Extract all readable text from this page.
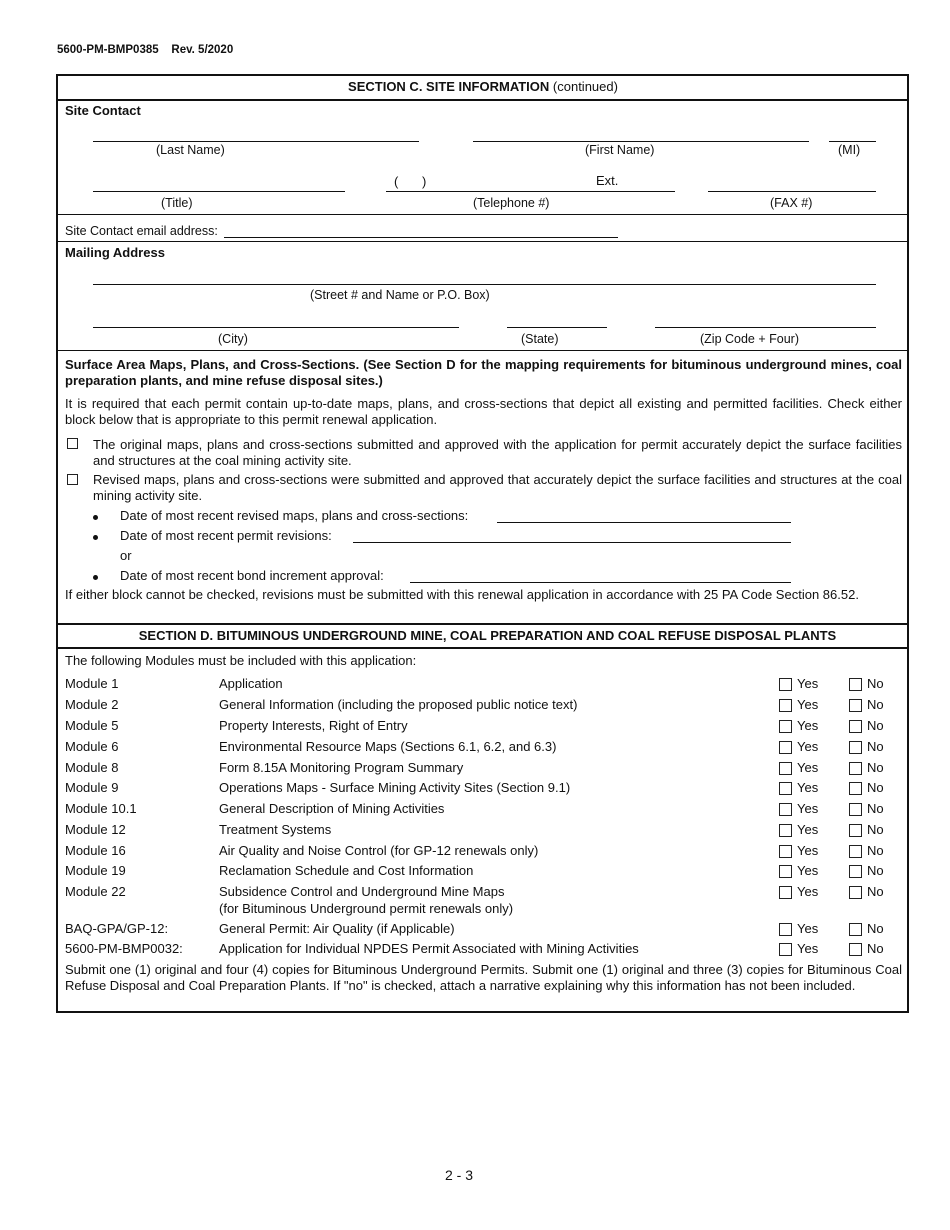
5600-PM-BMP0385    Rev. 5/2020
SECTION C. SITE INFORMATION (continued)
Site Contact
(Last Name)	(First Name)	(MI)
( )	Ext.
(Title)	(Telephone #)	(FAX #)
Site Contact email address:
Mailing Address
(Street # and Name or P.O. Box)
(City)	(State)	(Zip Code + Four)
Surface Area Maps, Plans, and Cross-Sections. (See Section D for the mapping requirements for bituminous underground mines, coal preparation plants, and mine refuse disposal sites.)
It is required that each permit contain up-to-date maps, plans, and cross-sections that depict all existing and permitted facilities. Check either block below that is appropriate to this permit renewal application.
The original maps, plans and cross-sections submitted and approved with the application for permit accurately depict the surface facilities and structures at the coal mining activity site.
Revised maps, plans and cross-sections were submitted and approved that accurately depict the surface facilities and structures at the coal mining activity site.
Date of most recent revised maps, plans and cross-sections:
Date of most recent permit revisions:
or
Date of most recent bond increment approval:
If either block cannot be checked, revisions must be submitted with this renewal application in accordance with 25 PA Code Section 86.52.
SECTION D. BITUMINOUS UNDERGROUND MINE, COAL PREPARATION AND COAL REFUSE DISPOSAL PLANTS
The following Modules must be included with this application:
Module 1	Application	Yes	No
Module 2	General Information (including the proposed public notice text)	Yes	No
Module 5	Property Interests, Right of Entry	Yes	No
Module 6	Environmental Resource Maps (Sections 6.1, 6.2, and 6.3)	Yes	No
Module 8	Form 8.15A Monitoring Program Summary	Yes	No
Module 9	Operations Maps - Surface Mining Activity Sites (Section 9.1)	Yes	No
Module 10.1	General Description of Mining Activities	Yes	No
Module 12	Treatment Systems	Yes	No
Module 16	Air Quality and Noise Control (for GP-12 renewals only)	Yes	No
Module 19	Reclamation Schedule and Cost Information	Yes	No
Module 22	Subsidence Control and Underground Mine Maps
(for Bituminous Underground permit renewals only)
Yes	No
BAQ-GPA/GP-12:	General Permit: Air Quality (if Applicable)	Yes	No
5600-PM-BMP0032:	Application for Individual NPDES Permit Associated with Mining Activities	Yes	No
Submit one (1) original and four (4) copies for Bituminous Underground Permits. Submit one (1) original and three (3) copies for Bituminous Coal Refuse Disposal and Coal Preparation Plants. If "no" is checked, attach a narrative explaining why this information has not been included.
2 - 3
